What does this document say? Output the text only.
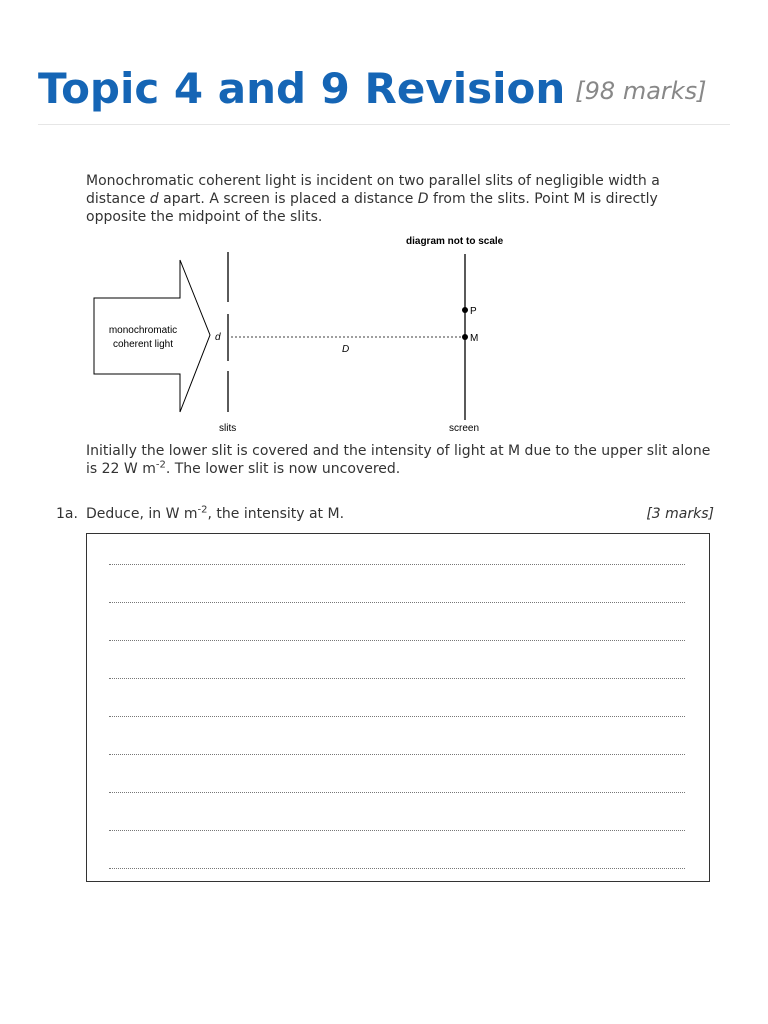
Topic 4 and 9 Revision [98 marks]

Monochromatic coherent light is incident on two parallel slits of negligible width a distance d apart. A screen is placed a distance D from the slits. Point M is directly opposite the midpoint of the slits.

diagram not to scale
monochromatic
coherent light
d
D
P
M
slits	screen

Initially the lower slit is covered and the intensity of light at M due to the upper slit alone is 22 W $m^{-2}$. The lower slit is now uncovered.

1a. Deduce, in W $m^{-2}$, the intensity at M.	[3 marks]
